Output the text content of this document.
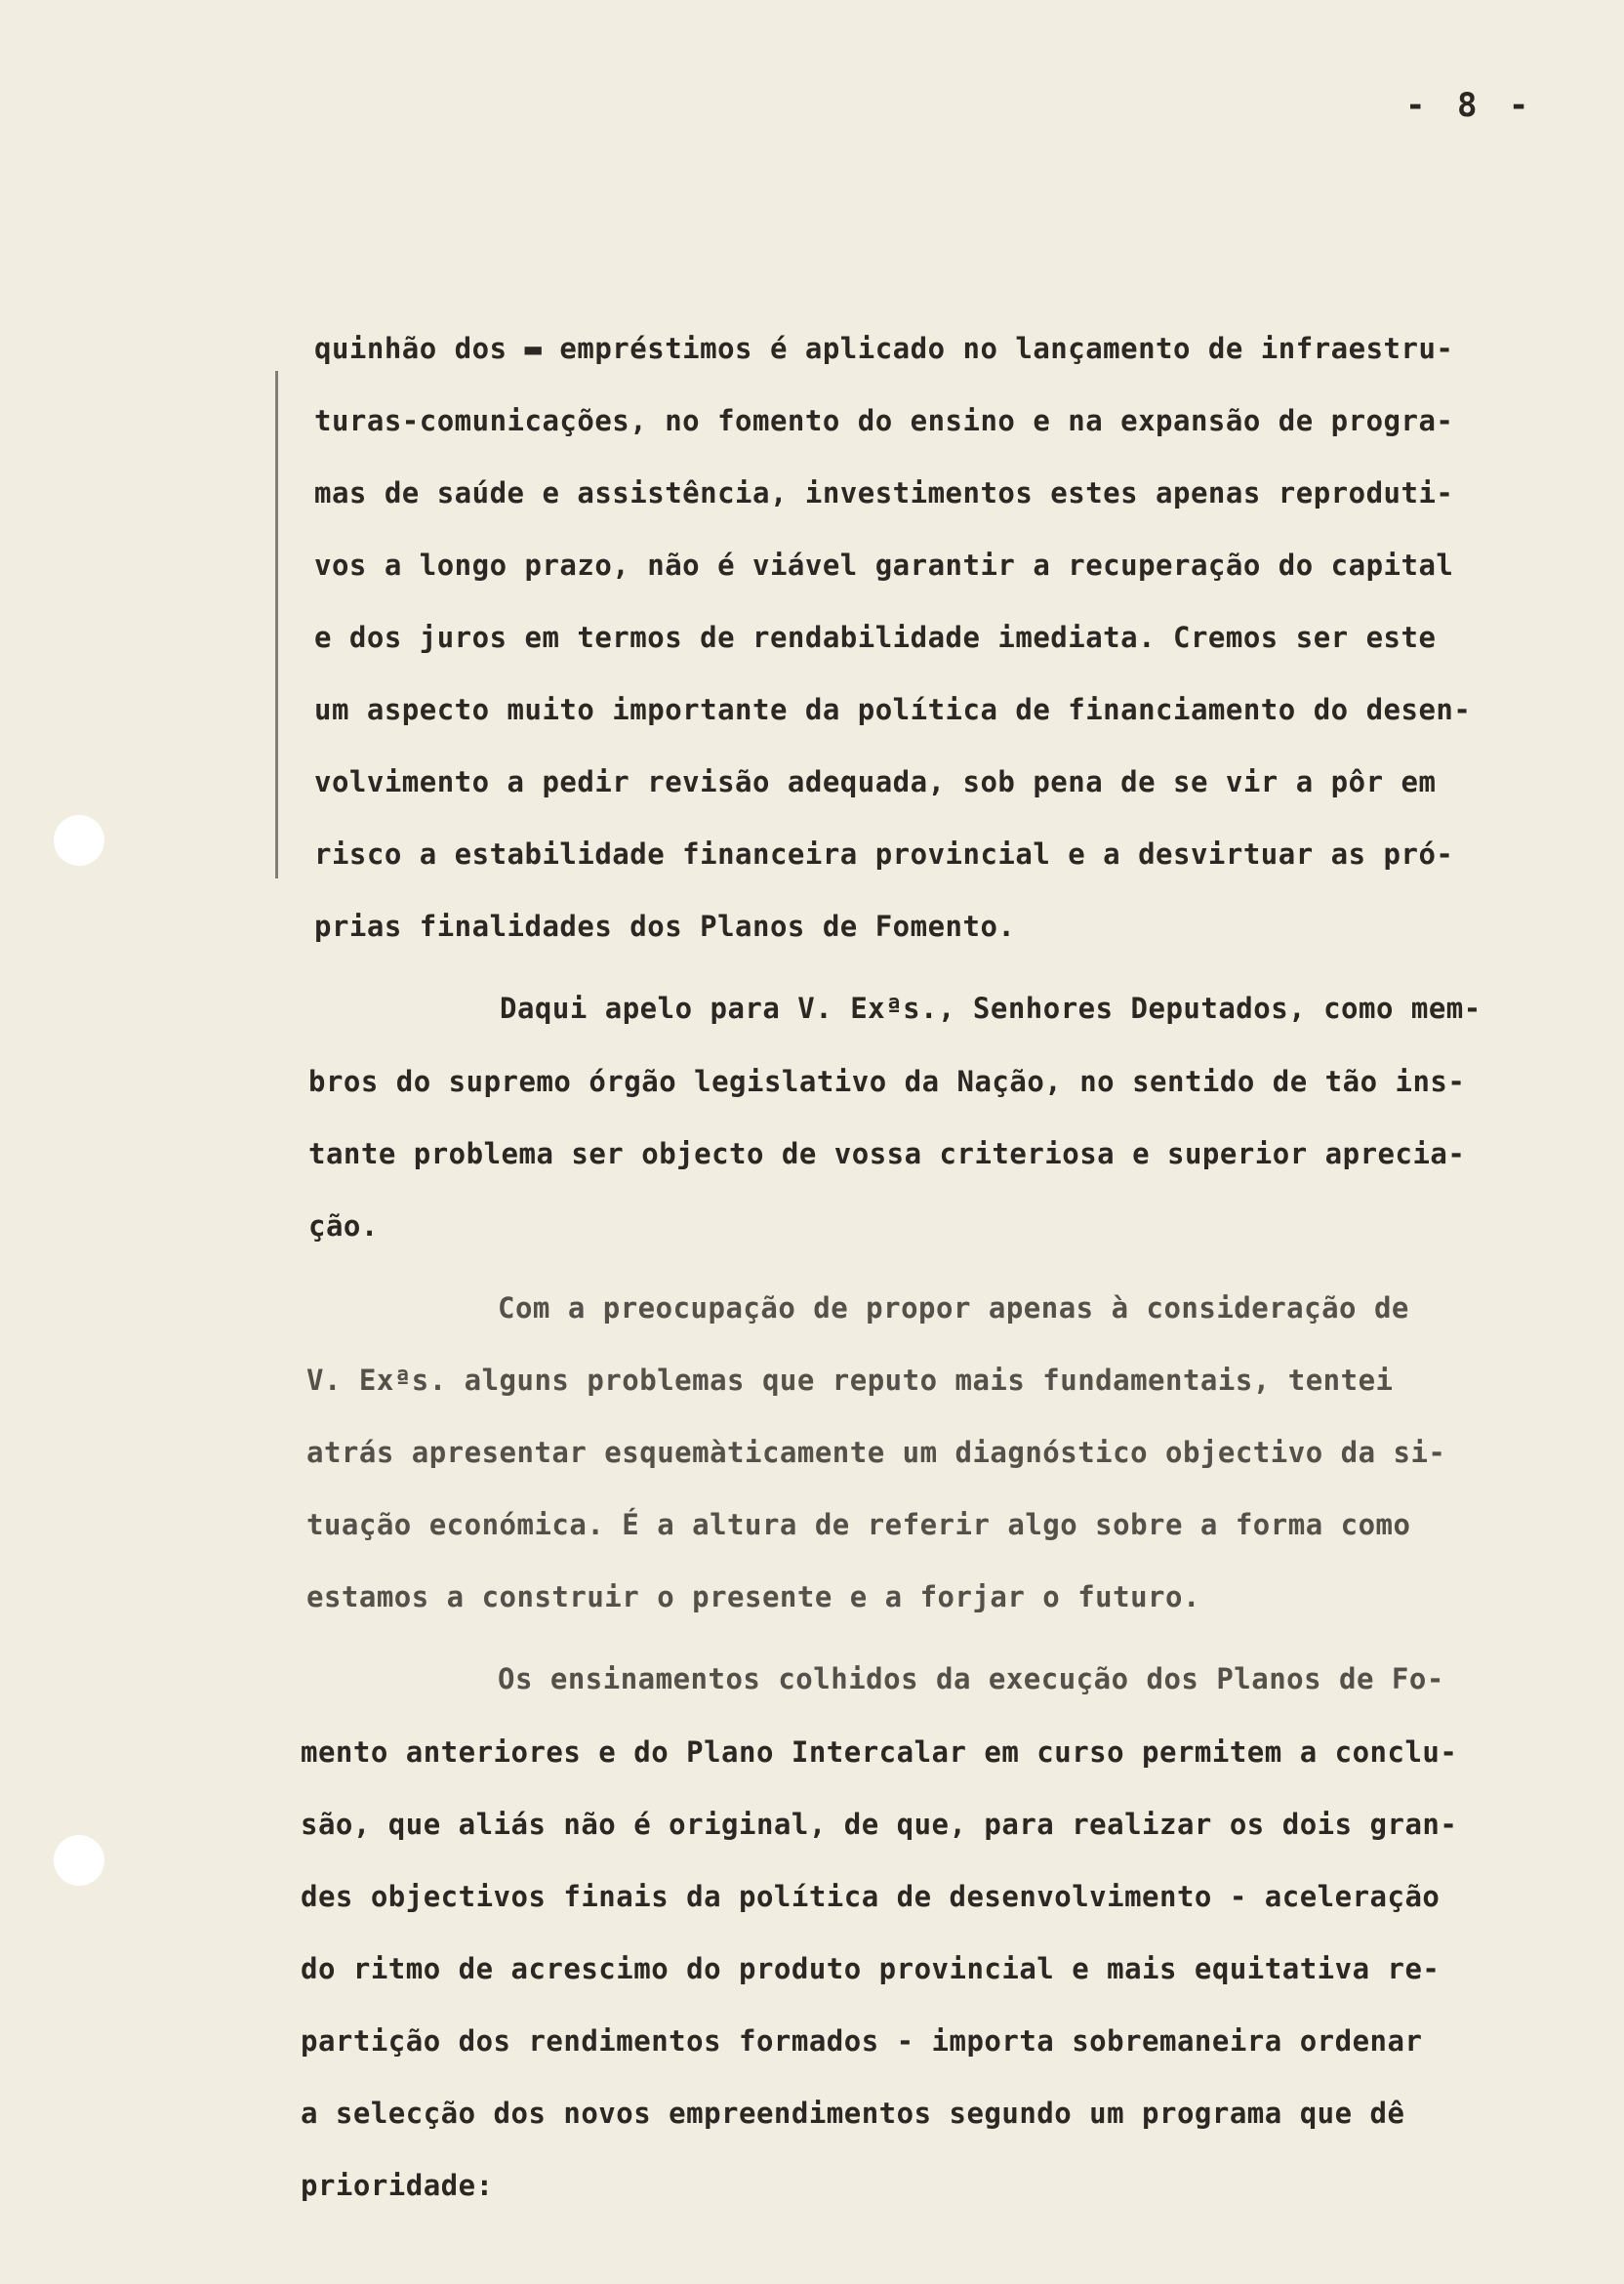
- 8 -
quinhão dos ▬ empréstimos é aplicado no lançamento de infraestru-
turas-comunicações, no fomento do ensino e na expansão de progra-
mas de saúde e assistência, investimentos estes apenas reproduti-
vos a longo prazo, não é viável garantir a recuperação do capital
e dos juros em termos de rendabilidade imediata. Cremos ser este
um aspecto muito importante da política de financiamento do desen-
volvimento a pedir revisão adequada, sob pena de se vir a pôr em
risco a estabilidade financeira provincial e a desvirtuar as pró-
prias finalidades dos Planos de Fomento.
Daqui apelo para V. Exªs., Senhores Deputados, como mem-
bros do supremo órgão legislativo da Nação, no sentido de tão ins-
tante problema ser objecto de vossa criteriosa e superior aprecia-
ção.
Com a preocupação de propor apenas à consideração de
V. Exªs. alguns problemas que reputo mais fundamentais, tentei
atrás apresentar esquemàticamente um diagnóstico objectivo da si-
tuação económica. É a altura de referir algo sobre a forma como
estamos a construir o presente e a forjar o futuro.
Os ensinamentos colhidos da execução dos Planos de Fo-
mento anteriores e do Plano Intercalar em curso permitem a conclu-
são, que aliás não é original, de que, para realizar os dois gran-
des objectivos finais da política de desenvolvimento - aceleração
do ritmo de acrescimo do produto provincial e mais equitativa re-
partição dos rendimentos formados - importa sobremaneira ordenar
a selecção dos novos empreendimentos segundo um programa que dê
prioridade:
